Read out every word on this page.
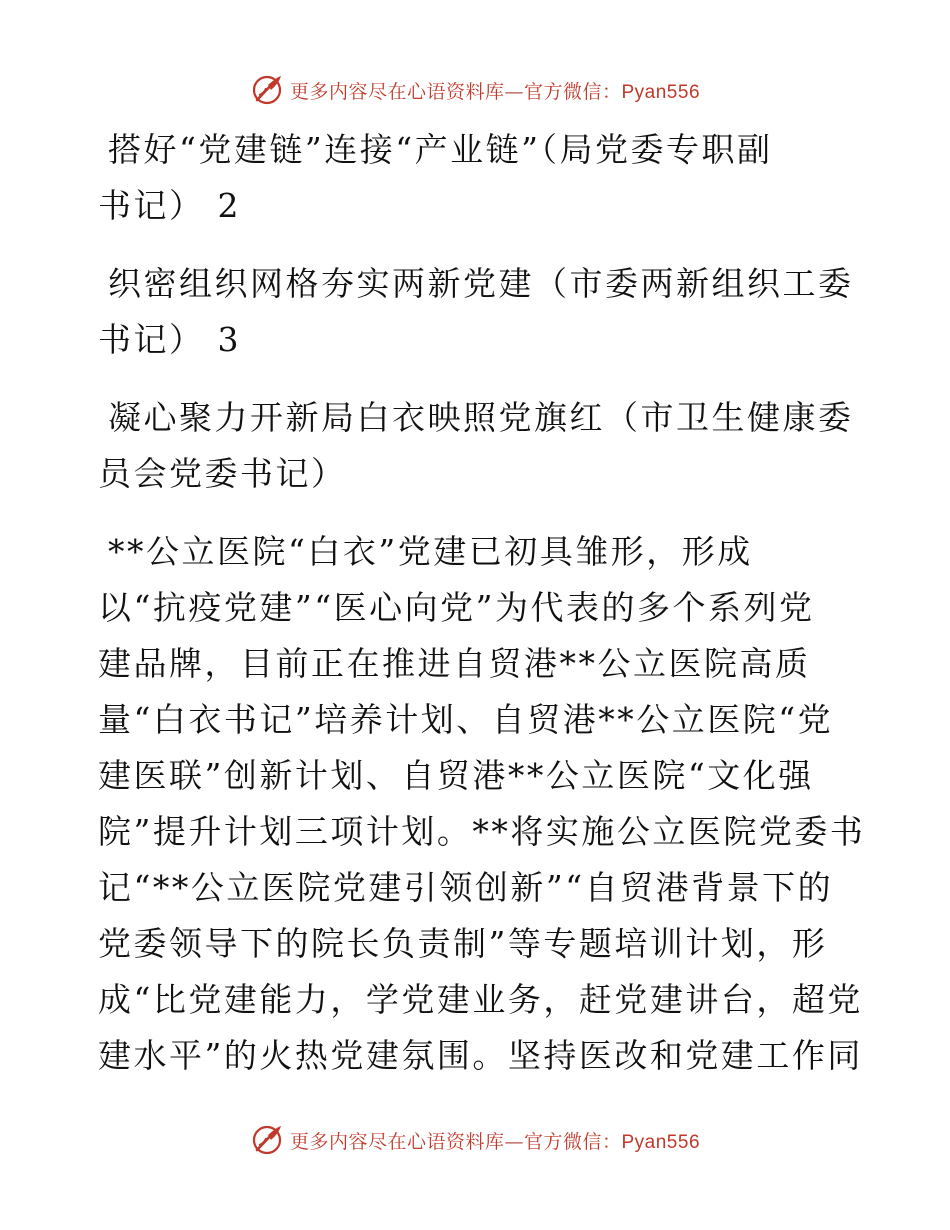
更多内容尽在心语资料库—官方微信：Pyan556
搭好“党建链”连接“产业链”（局党委专职副
书记） 2
织密组织网格夯实两新党建（市委两新组织工委
书记） 3
凝心聚力开新局白衣映照党旗红（市卫生健康委
员会党委书记）
**公立医院“白衣”党建已初具雏形，形成
以“抗疫党建”“医心向党”为代表的多个系列党
建品牌，目前正在推进自贸港**公立医院高质
量“白衣书记”培养计划、自贸港**公立医院“党
建医联”创新计划、自贸港**公立医院“文化强
院”提升计划三项计划。**将实施公立医院党委书
记“**公立医院党建引领创新”“自贸港背景下的
党委领导下的院长负责制”等专题培训计划，形
成“比党建能力，学党建业务，赶党建讲台，超党
建水平”的火热党建氛围。坚持医改和党建工作同
更多内容尽在心语资料库—官方微信：Pyan556
